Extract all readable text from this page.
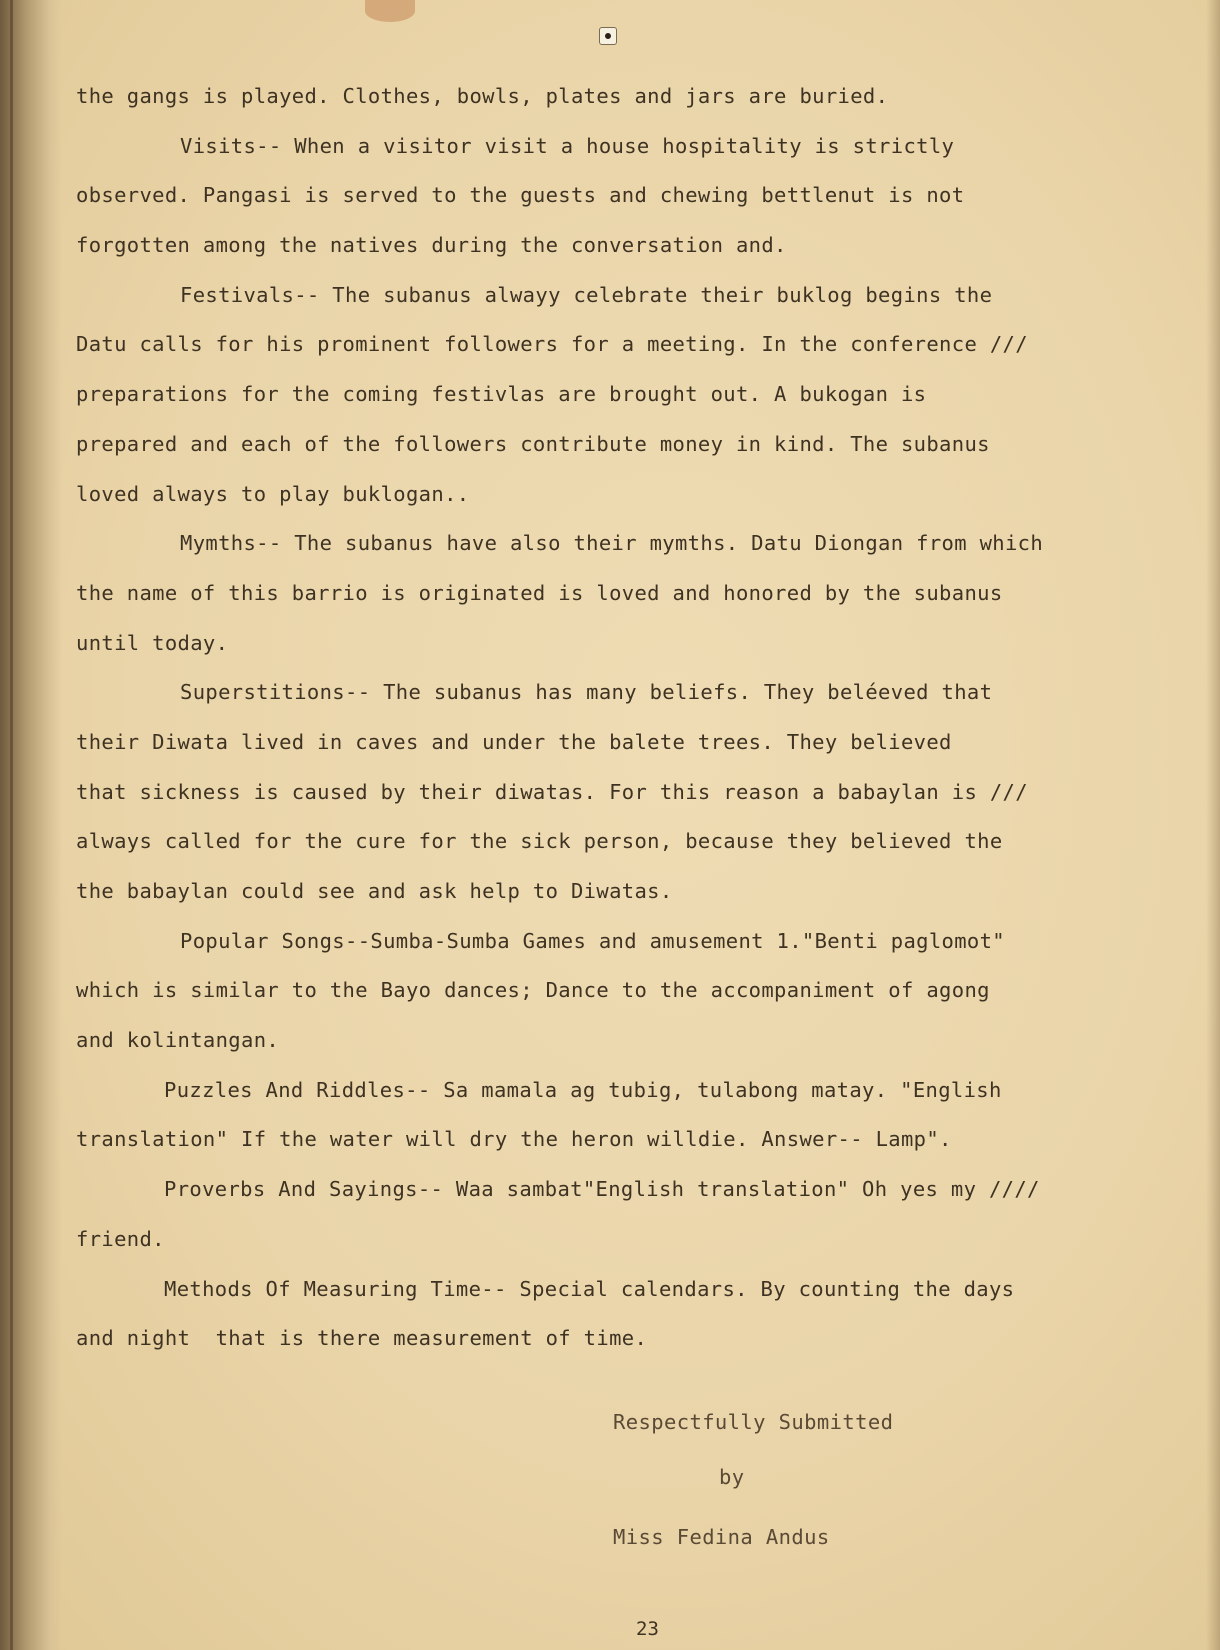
the gangs is played. Clothes, bowls, plates and jars are buried.
Visits-- When a visitor visit a house hospitality is strictly
observed. Pangasi is served to the guests and chewing bettlenut is not
forgotten among the natives during the conversation and.
Festivals-- The subanus alwayy celebrate their buklog begins the
Datu calls for his prominent followers for a meeting. In the conference ///
preparations for the coming festivlas are brought out. A bukogan is
prepared and each of the followers contribute money in kind. The subanus
loved always to play buklogan..
Mymths-- The subanus have also their mymths. Datu Diongan from which
the name of this barrio is originated is loved and honored by the subanus
until today.
Superstitions-- The subanus has many beliefs. They beléeved that
their Diwata lived in caves and under the balete trees. They believed
that sickness is caused by their diwatas. For this reason a babaylan is ///
always called for the cure for the sick person, because they believed the
the babaylan could see and ask help to Diwatas.
Popular Songs--Sumba-Sumba Games and amusement 1."Benti paglomot"
which is similar to the Bayo dances; Dance to the accompaniment of agong
and kolintangan.
Puzzles And Riddles-- Sa mamala ag tubig, tulabong matay. "English
translation" If the water will dry the heron willdie. Answer-- Lamp".
Proverbs And Sayings-- Waa sambat"English translation" Oh yes my ////
friend.
Methods Of Measuring Time-- Special calendars. By counting the days
and night  that is there measurement of time.
Respectfully Submitted
by
Miss Fedina Andus
23
